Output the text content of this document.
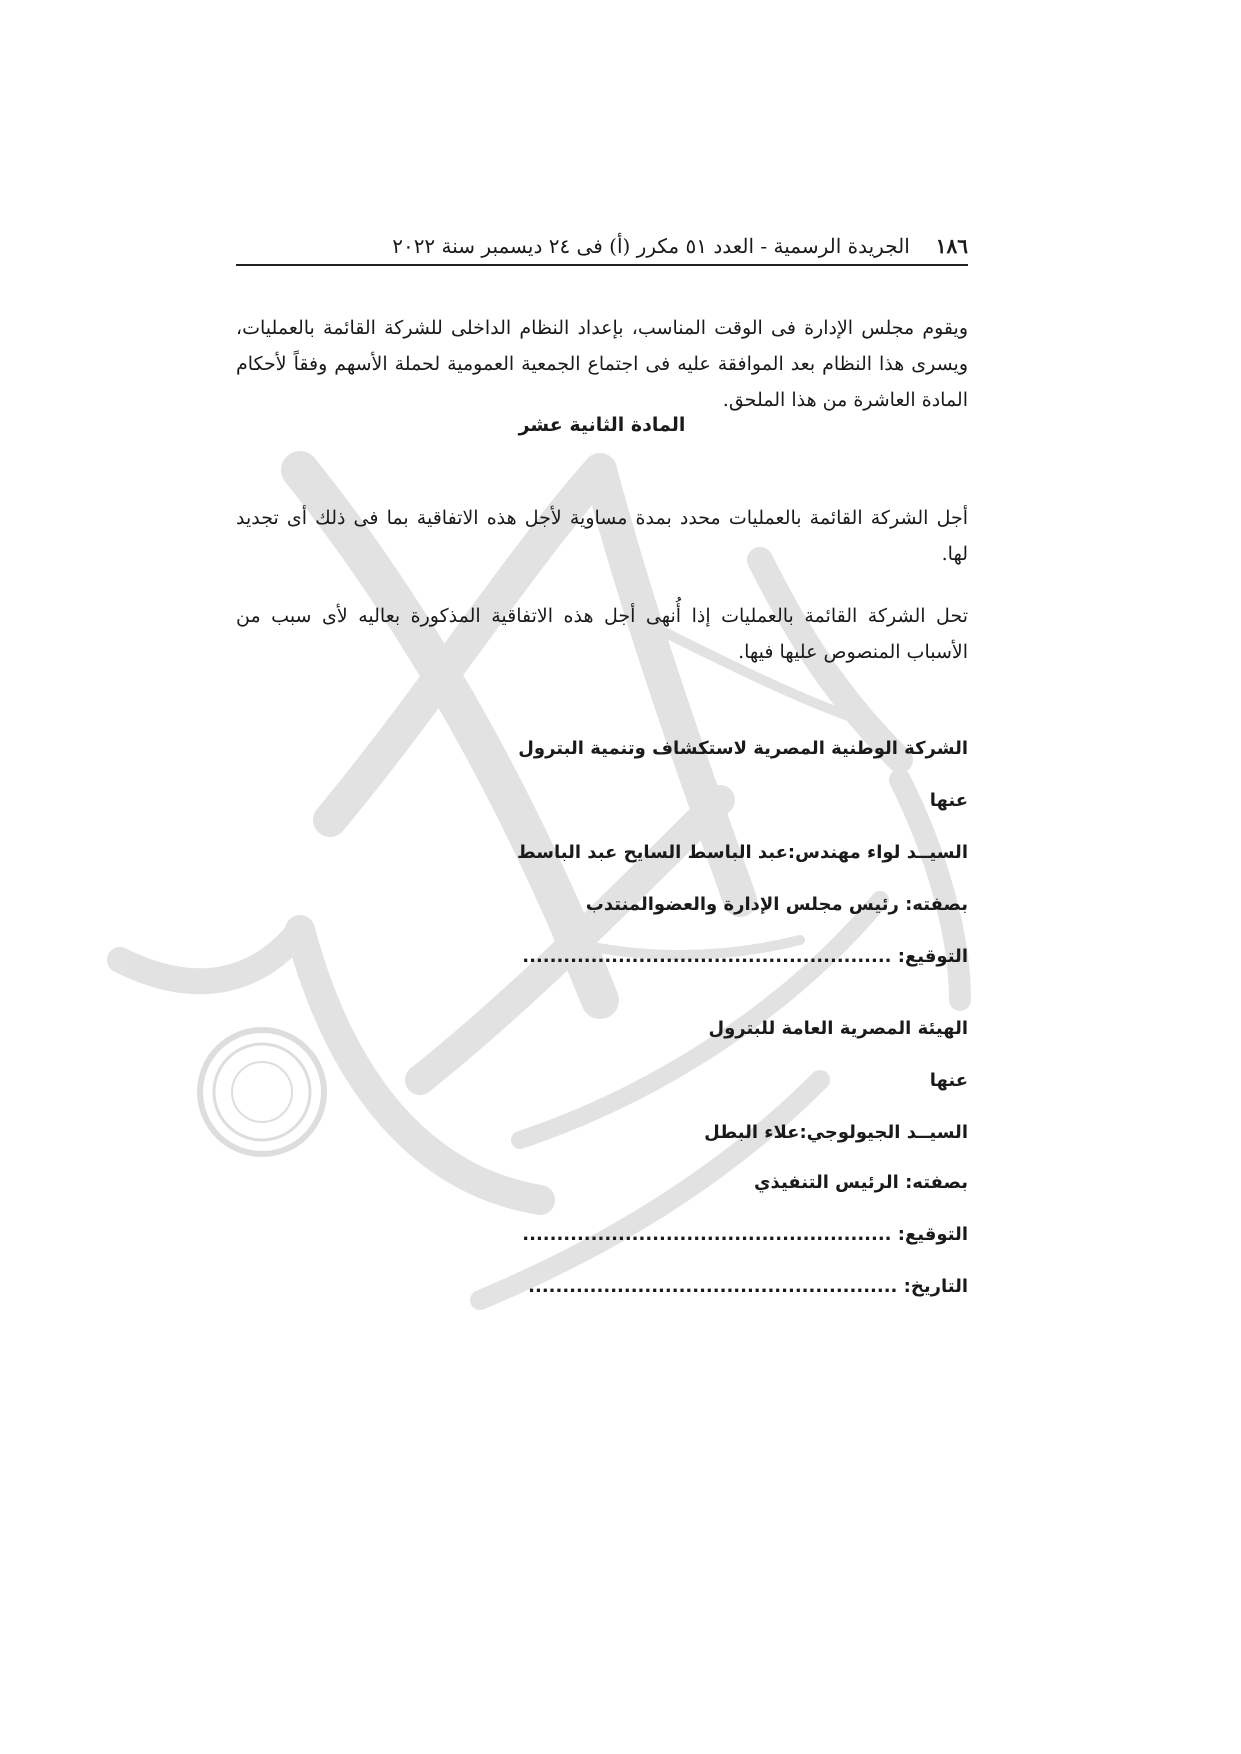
١٨٦
الجريدة الرسمية - العدد ٥١ مكرر (أ) فى ٢٤ ديسمبر سنة ٢٠٢٢

ويقوم مجلس الإدارة فى الوقت المناسب، بإعداد النظام الداخلى للشركة القائمة بالعمليات، ويسرى هذا النظام بعد الموافقة عليه فى اجتماع الجمعية العمومية لحملة الأسهم وفقاً لأحكام المادة العاشرة من هذا الملحق.

المادة الثانية عشر

أجل الشركة القائمة بالعمليات محدد بمدة مساوية لأجل هذه الاتفاقية بما فى ذلك أى تجديد لها.

تحل الشركة القائمة بالعمليات إذا أُنهى أجل هذه الاتفاقية المذكورة بعاليه لأى سبب من الأسباب المنصوص عليها فيها.

الشركة الوطنية المصرية لاستكشاف وتنمية البترول
عنها
السيــد لواء مهندس:عبد الباسط السايح عبد الباسط
بصفته: رئيس مجلس الإدارة والعضوالمنتدب
التوقيع: ......................................................
الهيئة المصرية العامة للبترول
عنها
السيــد الجيولوجي:علاء البطل
بصفته: الرئيس التنفيذي
التوقيع: ......................................................
التاريخ: ......................................................
